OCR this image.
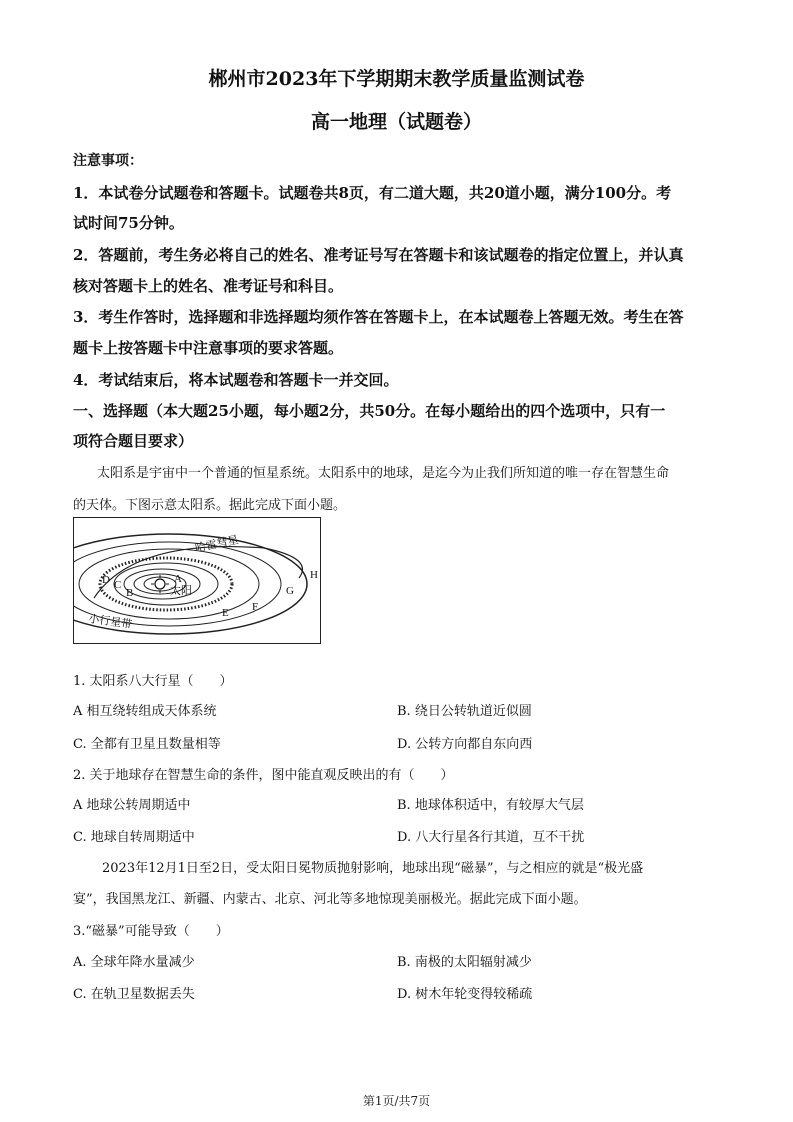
郴州市2023年下学期期末教学质量监测试卷
高一地理（试题卷）
注意事项：
1．本试卷分试题卷和答题卡。试题卷共8页，有二道大题，共20道小题，满分100分。考
试时间75分钟。
2．答题前，考生务必将自己的姓名、准考证号写在答题卡和该试题卷的指定位置上，并认真
核对答题卡上的姓名、准考证号和科目。
3．考生作答时，选择题和非选择题均须作答在答题卡上，在本试题卷上答题无效。考生在答
题卡上按答题卡中注意事项的要求答题。
4．考试结束后，将本试题卷和答题卡一并交回。
一、选择题（本大题25小题，每小题2分，共50分。在每小题给出的四个选项中，只有一
项符合题目要求）
太阳系是宇宙中一个普通的恒星系统。太阳系中的地球，是迄今为止我们所知道的唯一存在智慧生命
的天体。下图示意太阳系。据此完成下面小题。
哈雷彗星
太阳
小行星带
A
B
C
D
E F
G
H
1. 太阳系八大行星（　　）
A 相互绕转组成天体系统	B. 绕日公转轨道近似圆
C. 全都有卫星且数量相等	D. 公转方向都自东向西
2. 关于地球存在智慧生命的条件，图中能直观反映出的有（　　）
A 地球公转周期适中	B. 地球体积适中，有较厚大气层
C. 地球自转周期适中	D. 八大行星各行其道，互不干扰
2023年12月1日至2日，受太阳日冕物质抛射影响，地球出现“磁暴”，与之相应的就是“极光盛
宴”，我国黑龙江、新疆、内蒙古、北京、河北等多地惊现美丽极光。据此完成下面小题。
3.“磁暴”可能导致（　　）
A. 全球年降水量减少	B. 南极的太阳辐射减少
C. 在轨卫星数据丢失	D. 树木年轮变得较稀疏
第1页/共7页
